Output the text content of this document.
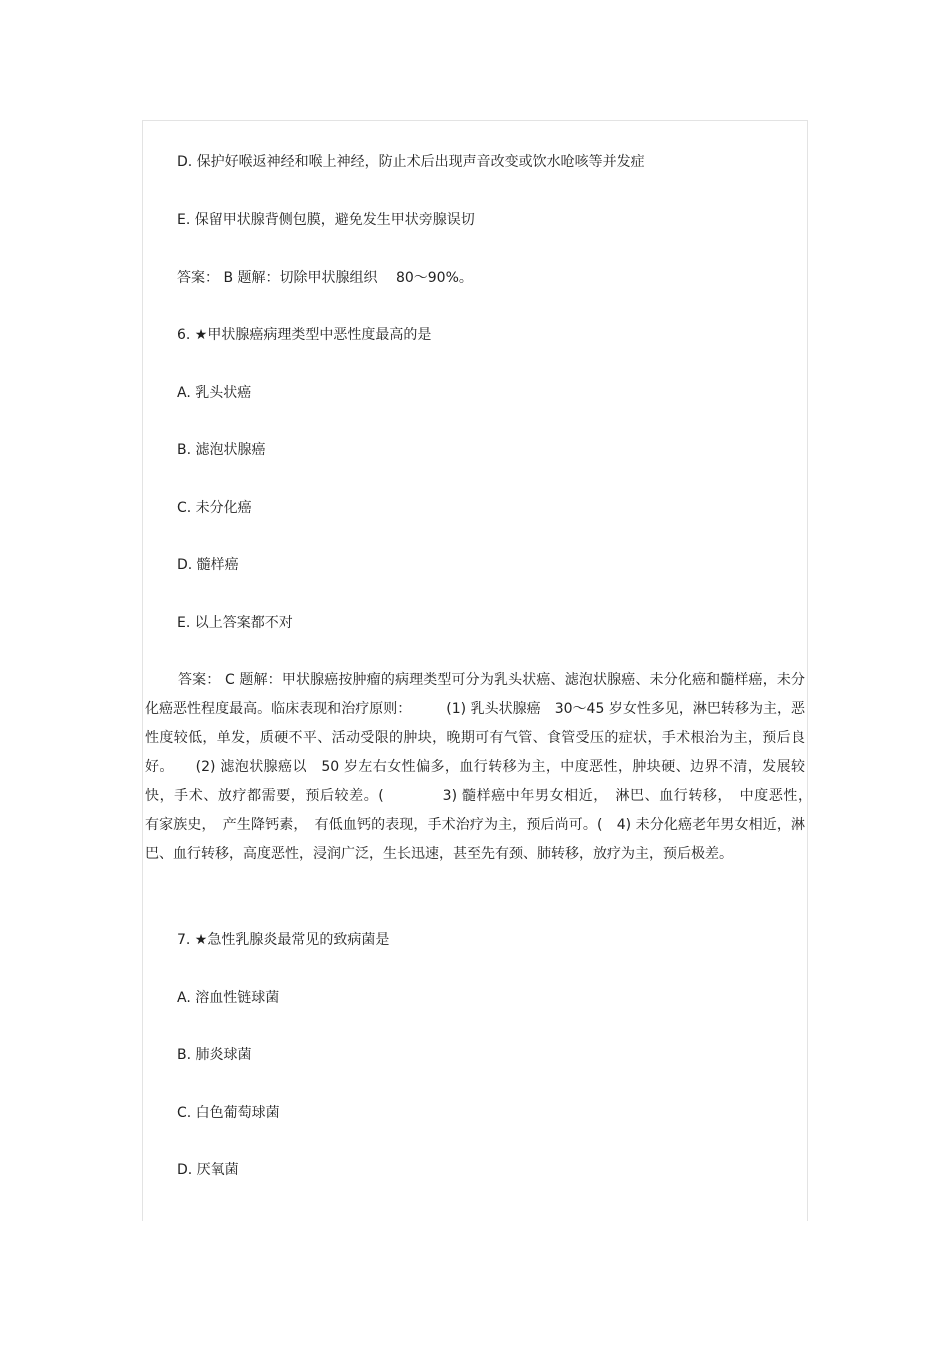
D. 保护好喉返神经和喉上神经，防止术后出现声音改变或饮水呛咳等并发症
E. 保留甲状腺背侧包膜，避免发生甲状旁腺误切
答案： B 题解：切除甲状腺组织　 80～90%。
6. ★甲状腺癌病理类型中恶性度最高的是
A. 乳头状癌
B. 滤泡状腺癌
C. 未分化癌
D. 髓样癌
E. 以上答案都不对
答案： C 题解：甲状腺癌按肿瘤的病理类型可分为乳头状癌、滤泡状腺癌、未分化癌和髓样癌，未分化癌恶性程度最高。临床表现和治疗原则：　　　(1) 乳头状腺癌　30～45 岁女性多见，淋巴转移为主，恶性度较低，单发，质硬不平、活动受限的肿块，晚期可有气管、食管受压的症状，手术根治为主，预后良好。　　(2) 滤泡状腺癌以　50 岁左右女性偏多，血行转移为主，中度恶性，肿块硬、边界不清，发展较快，手术、放疗都需要，预后较差。(　　　　3) 髓样癌中年男女相近，　淋巴、血行转移，　中度恶性，　有家族史，　产生降钙素，　有低血钙的表现，手术治疗为主，预后尚可。(　4) 未分化癌老年男女相近，淋巴、血行转移，高度恶性，浸润广泛，生长迅速，甚至先有颈、肺转移，放疗为主，预后极差。
7. ★急性乳腺炎最常见的致病菌是
A. 溶血性链球菌
B. 肺炎球菌
C. 白色葡萄球菌
D. 厌氧菌
